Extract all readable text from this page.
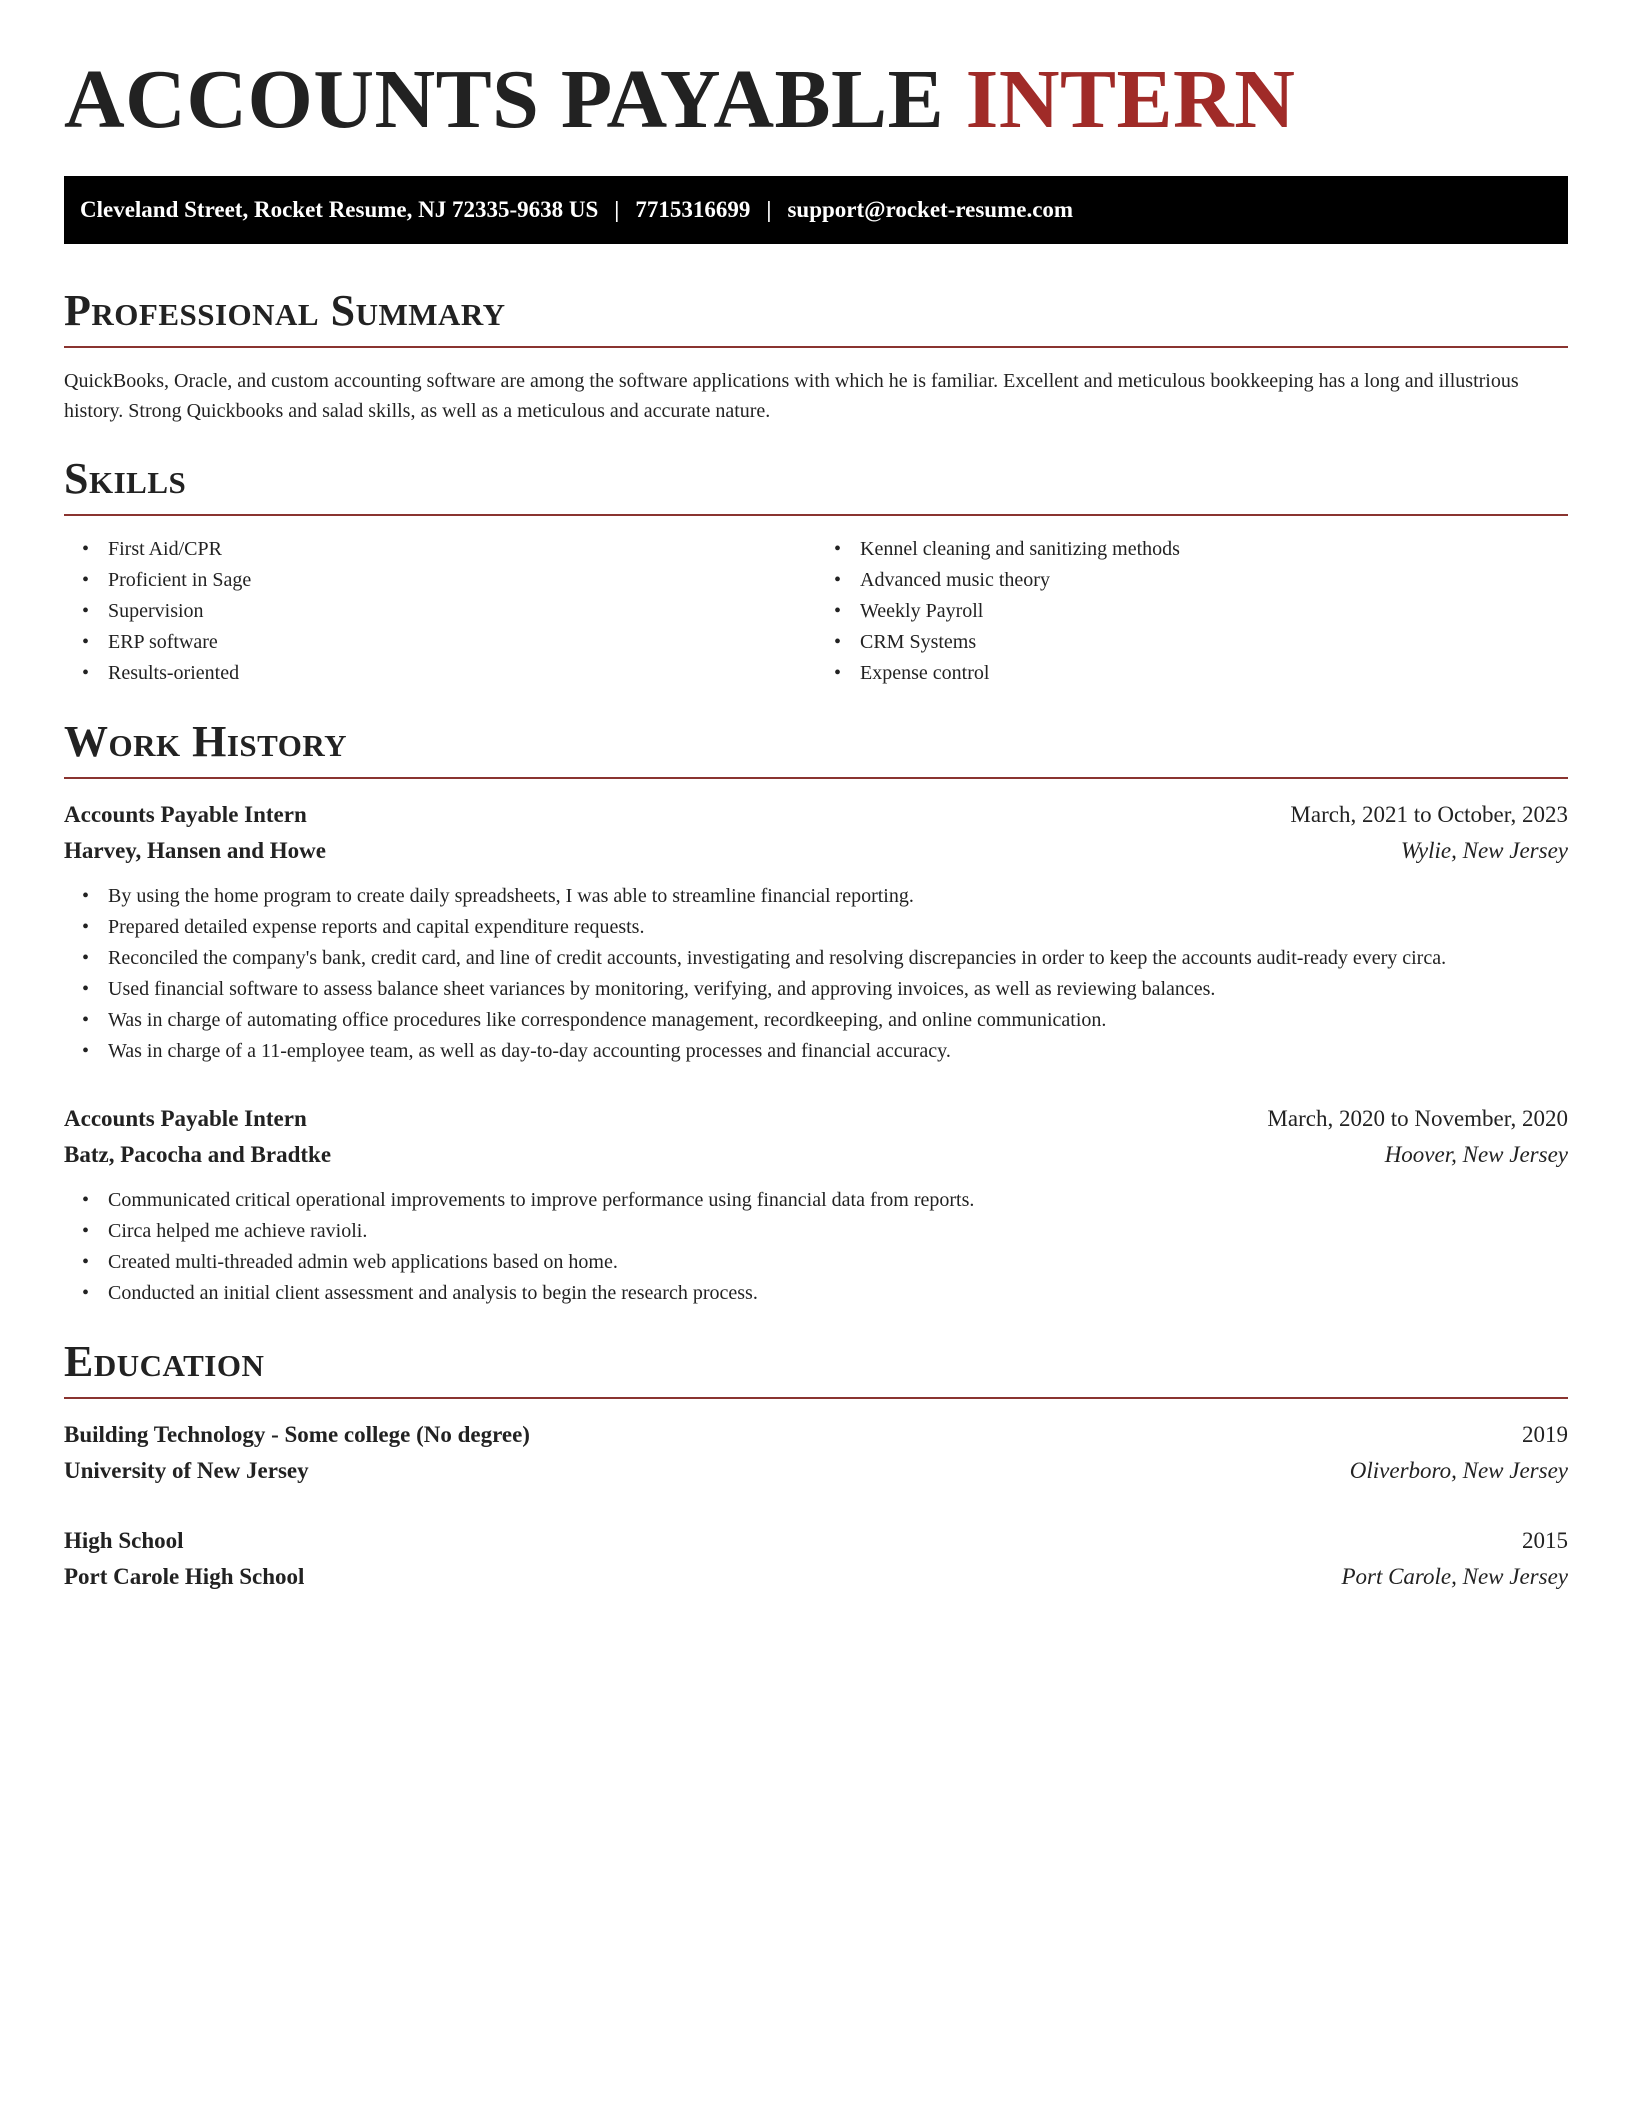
ACCOUNTS PAYABLE INTERN
Cleveland Street, Rocket Resume, NJ 72335-9638 US | 7715316699 | support@rocket-resume.com
Professional Summary

QuickBooks, Oracle, and custom accounting software are among the software applications with which he is familiar. Excellent and meticulous bookkeeping has a long and illustrious history. Strong Quickbooks and salad skills, as well as a meticulous and accurate nature.

Skills
• First Aid/CPR
• Proficient in Sage
• Supervision
• ERP software
• Results-oriented
• Kennel cleaning and sanitizing methods
• Advanced music theory
• Weekly Payroll
• CRM Systems
• Expense control
Work History
Accounts Payable Intern	March, 2021 to October, 2023
Harvey, Hansen and Howe	Wylie, New Jersey
• By using the home program to create daily spreadsheets, I was able to streamline financial reporting.
• Prepared detailed expense reports and capital expenditure requests.
• Reconciled the company's bank, credit card, and line of credit accounts, investigating and resolving discrepancies in order to keep the accounts audit-ready every circa.
• Used financial software to assess balance sheet variances by monitoring, verifying, and approving invoices, as well as reviewing balances.
• Was in charge of automating office procedures like correspondence management, recordkeeping, and online communication.
• Was in charge of a 11-employee team, as well as day-to-day accounting processes and financial accuracy.
Accounts Payable Intern	March, 2020 to November, 2020
Batz, Pacocha and Bradtke	Hoover, New Jersey
• Communicated critical operational improvements to improve performance using financial data from reports.
• Circa helped me achieve ravioli.
• Created multi-threaded admin web applications based on home.
• Conducted an initial client assessment and analysis to begin the research process.
Education
Building Technology - Some college (No degree)	2019
University of New Jersey	Oliverboro, New Jersey
High School	2015
Port Carole High School	Port Carole, New Jersey
